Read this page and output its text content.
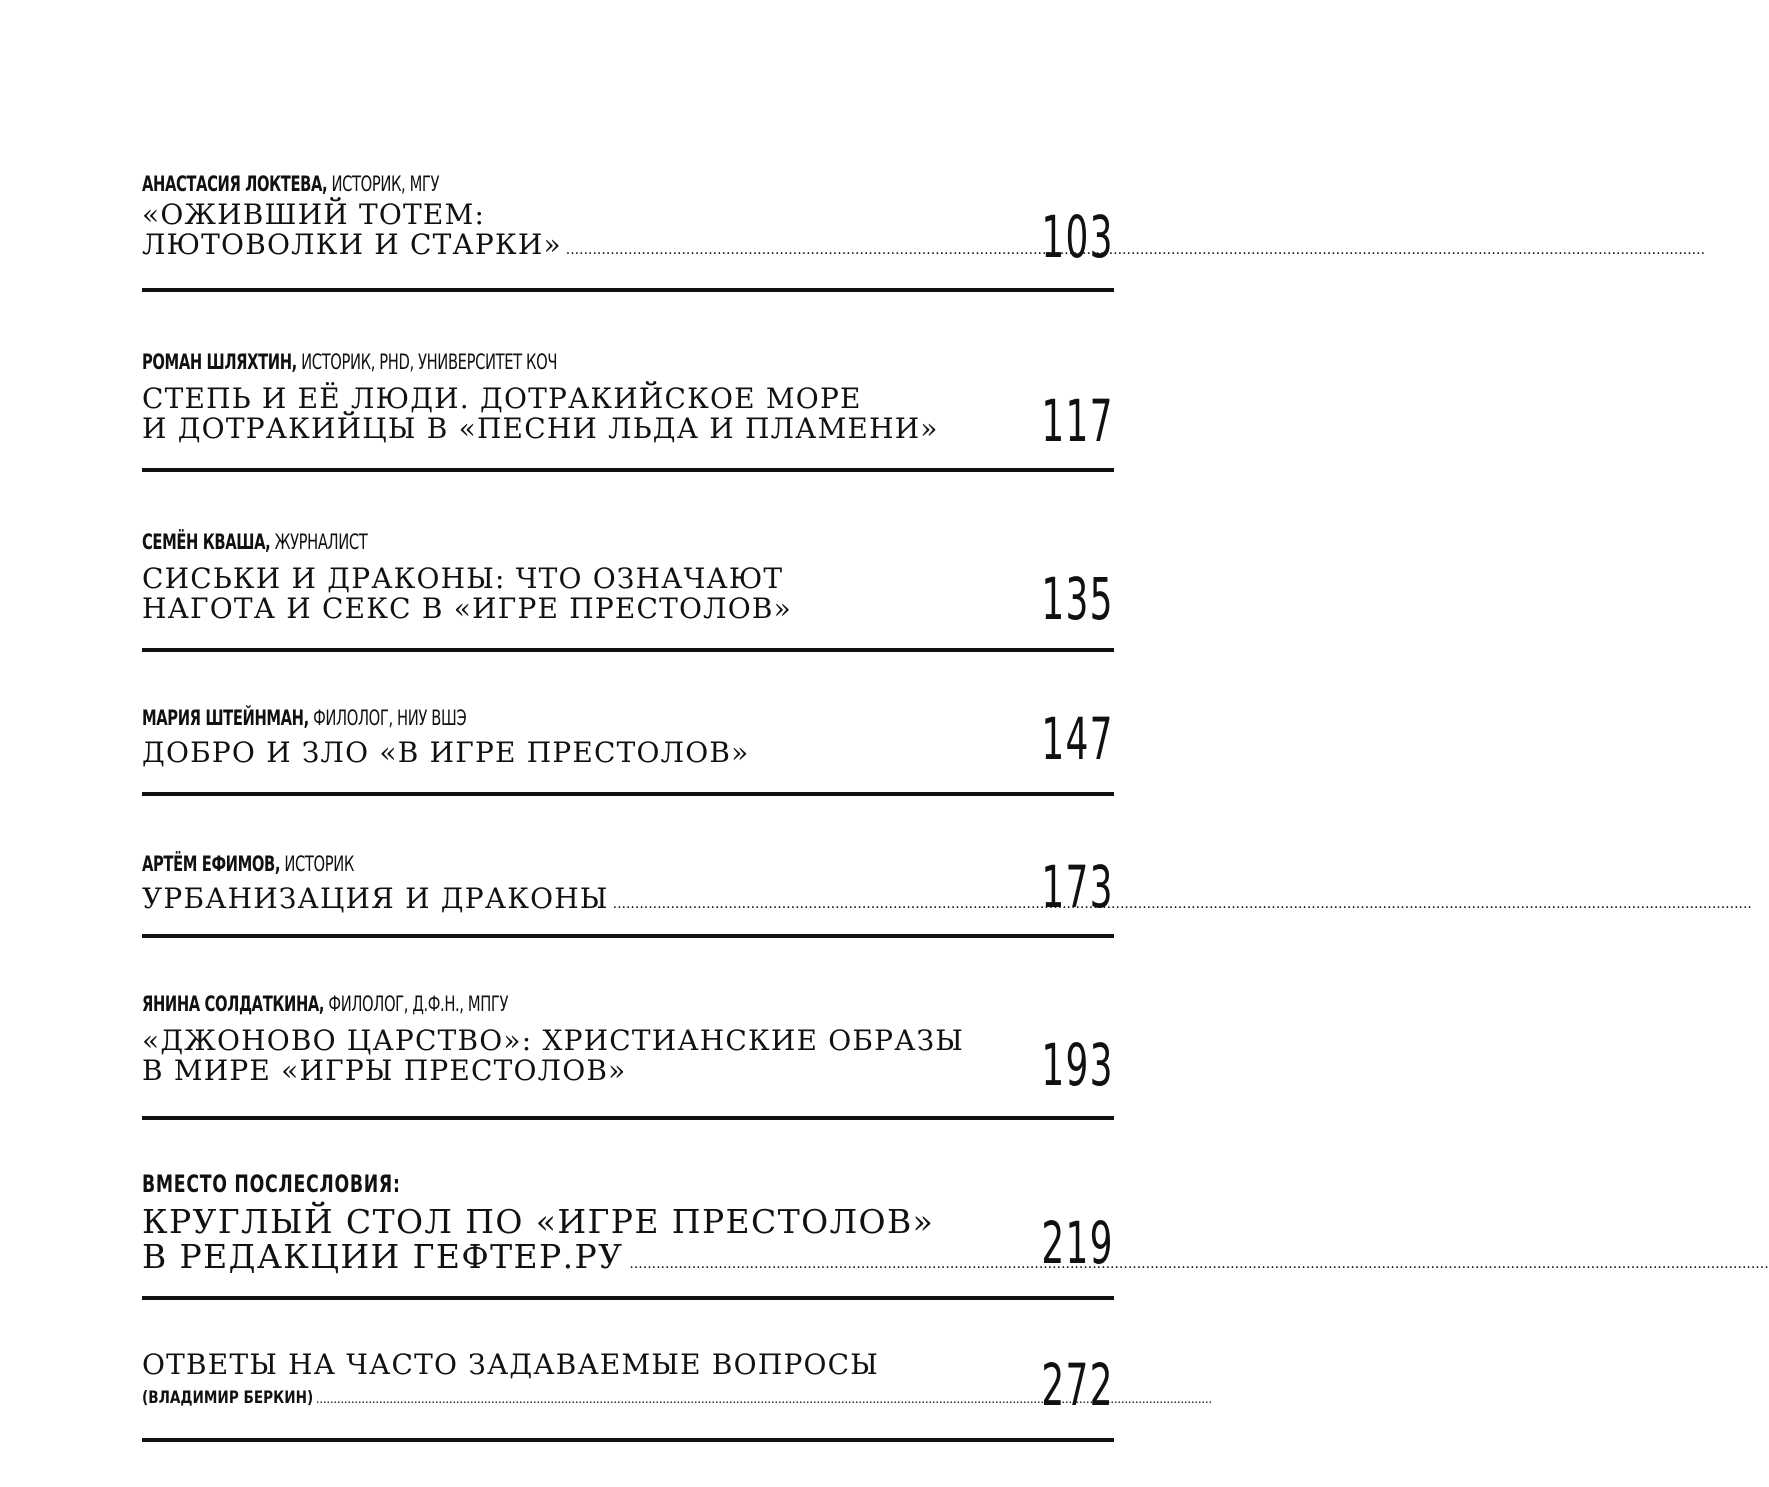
АНАСТАСИЯ ЛОКТЕВА, ИСТОРИК, МГУ
«ОЖИВШИЙ ТОТЕМ:
ЛЮТОВОЛКИ И СТАРКИ» ................................................................................................................................................................................................................................................................
103
РОМАН ШЛЯХТИН, ИСТОРИК, PHD, УНИВЕРСИТЕТ КОЧ
СТЕПЬ И ЕЁ ЛЮДИ. ДОТРАКИЙСКОЕ МОРЕ
И ДОТРАКИЙЦЫ В «ПЕСНИ ЛЬДА И ПЛАМЕНИ»	117
СЕМЁН КВАША, ЖУРНАЛИСТ
СИСЬКИ И ДРАКОНЫ: ЧТО ОЗНАЧАЮТ
НАГОТА И СЕКС В «ИГРЕ ПРЕСТОЛОВ»	135
МАРИЯ ШТЕЙНМАН, ФИЛОЛОГ, НИУ ВШЭ
ДОБРО И ЗЛО «В ИГРЕ ПРЕСТОЛОВ»	147
АРТЁМ ЕФИМОВ, ИСТОРИК
УРБАНИЗАЦИЯ И ДРАКОНЫ ................................................................................................................................................................................................................................................................
173
ЯНИНА СОЛДАТКИНА, ФИЛОЛОГ, Д.Ф.Н., МПГУ
«ДЖОНОВО ЦАРСТВО»: ХРИСТИАНСКИЕ ОБРАЗЫ
В МИРЕ «ИГРЫ ПРЕСТОЛОВ»	193
ВМЕСТО ПОСЛЕСЛОВИЯ:
КРУГЛЫЙ СТОЛ ПО «ИГРЕ ПРЕСТОЛОВ»
В РЕДАКЦИИ ГЕФТЕР.РУ ................................................................................................................................................................................................................................................................
219
ОТВЕТЫ НА ЧАСТО ЗАДАВАЕМЫЕ ВОПРОСЫ
(ВЛАДИМИР БЕРКИН) ................................................................................................................................................................................................................................................................
272
